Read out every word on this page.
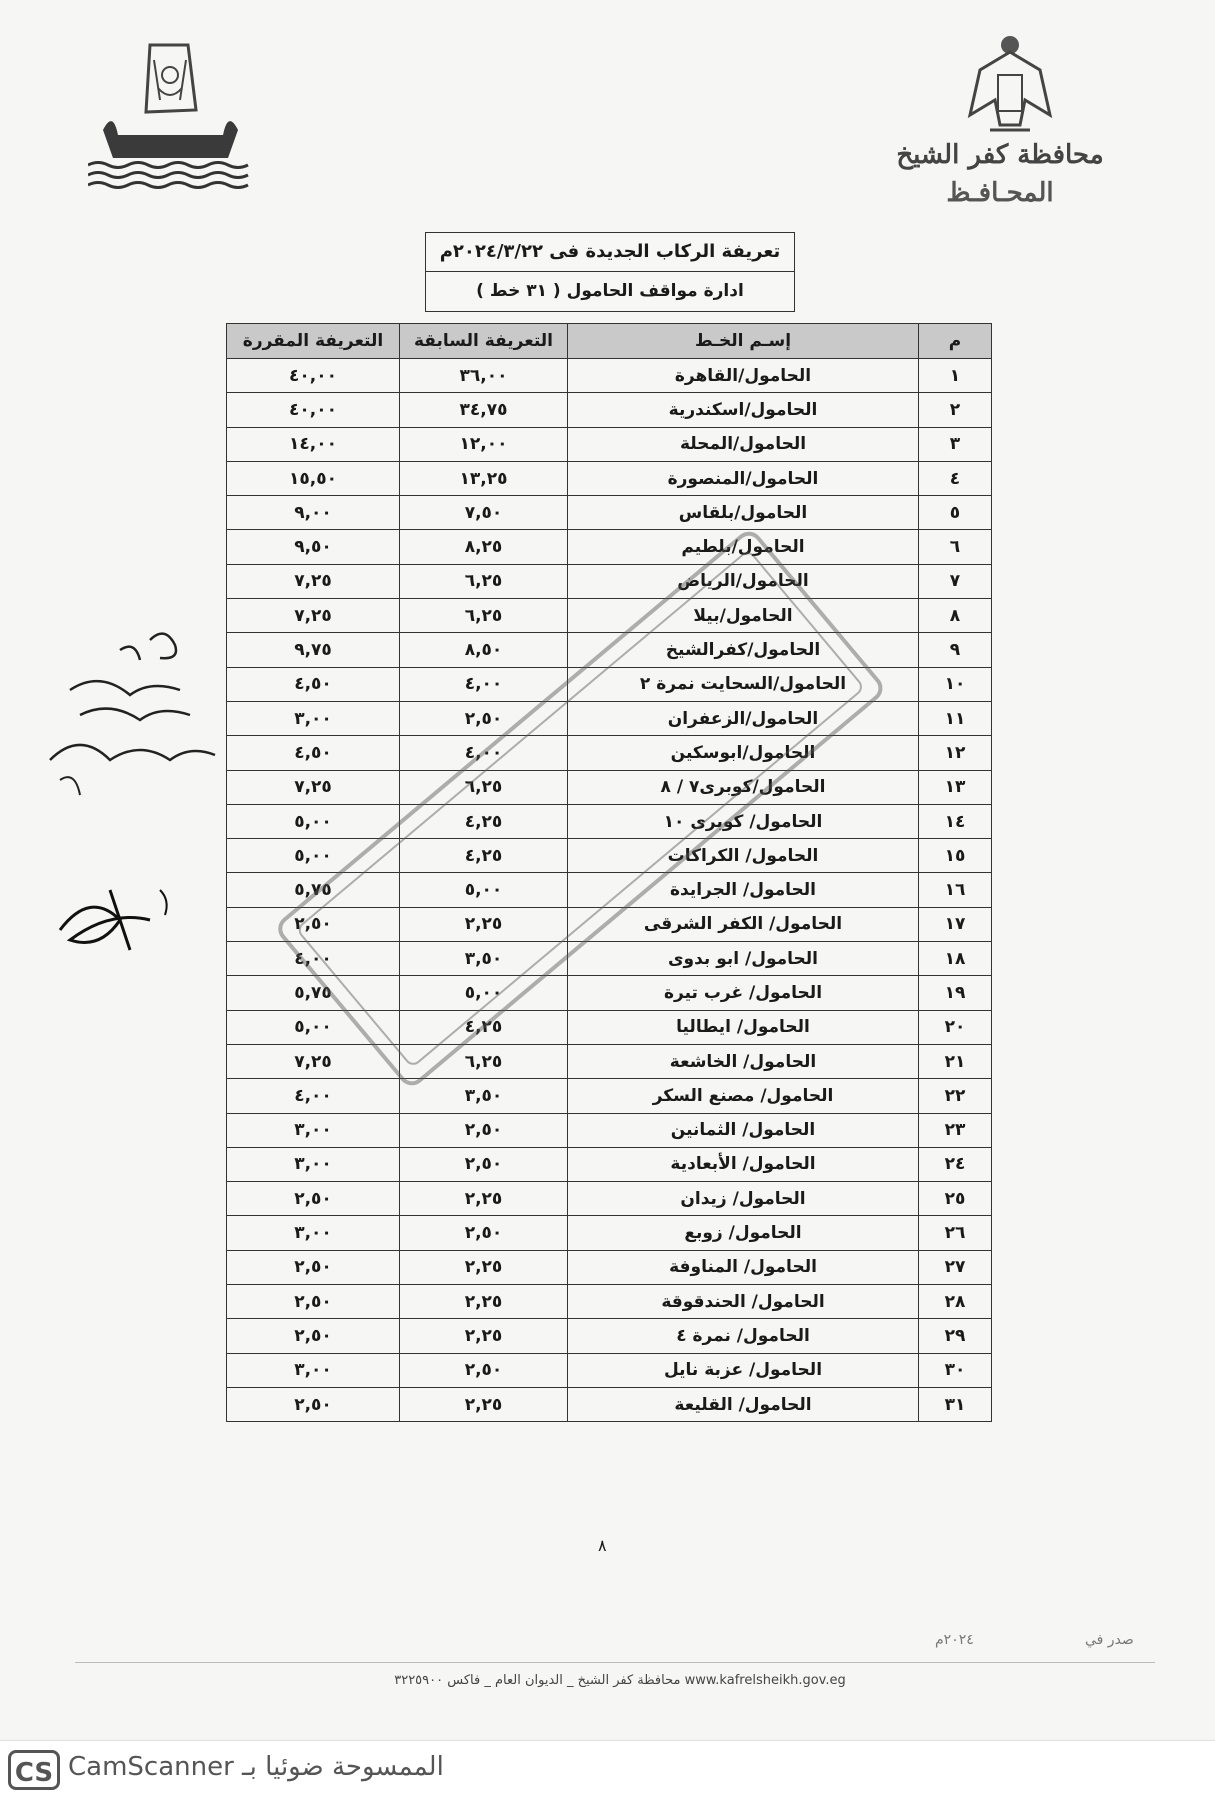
محافظة كفر الشيخ
المحـافـظ
تعريفة الركاب الجديدة فى ٢٠٢٤/٣/٢٢م
ادارة مواقف الحامول ( ٣١ خط )
م	إسـم الخـط	التعريفة السابقة	التعريفة المقررة
١	الحامول/القاهرة	٣٦,٠٠	٤٠,٠٠
٢	الحامول/اسكندرية	٣٤,٧٥	٤٠,٠٠
٣	الحامول/المحلة	١٢,٠٠	١٤,٠٠
٤	الحامول/المنصورة	١٣,٢٥	١٥,٥٠
٥	الحامول/بلقاس	٧,٥٠	٩,٠٠
٦	الحامول/بلطيم	٨,٢٥	٩,٥٠
٧	الحامول/الرياض	٦,٢٥	٧,٢٥
٨	الحامول/بيلا	٦,٢٥	٧,٢٥
٩	الحامول/كفرالشيخ	٨,٥٠	٩,٧٥
١٠	الحامول/السحايت نمرة ٢	٤,٠٠	٤,٥٠
١١	الحامول/الزعفران	٢,٥٠	٣,٠٠
١٢	الحامول/ابوسكين	٤,٠٠	٤,٥٠
١٣	الحامول/كوبرى٧ / ٨	٦,٢٥	٧,٢٥
١٤	الحامول/ كوبرى ١٠	٤,٢٥	٥,٠٠
١٥	الحامول/ الكراكات	٤,٢٥	٥,٠٠
١٦	الحامول/ الجرايدة	٥,٠٠	٥,٧٥
١٧	الحامول/ الكفر الشرقى	٢,٢٥	٢,٥٠
١٨	الحامول/ ابو بدوى	٣,٥٠	٤,٠٠
١٩	الحامول/ غرب تيرة	٥,٠٠	٥,٧٥
٢٠	الحامول/ ايطاليا	٤,٢٥	٥,٠٠
٢١	الحامول/ الخاشعة	٦,٢٥	٧,٢٥
٢٢	الحامول/ مصنع السكر	٣,٥٠	٤,٠٠
٢٣	الحامول/ الثمانين	٢,٥٠	٣,٠٠
٢٤	الحامول/ الأبعادية	٢,٥٠	٣,٠٠
٢٥	الحامول/ زيدان	٢,٢٥	٢,٥٠
٢٦	الحامول/ زوبع	٢,٥٠	٣,٠٠
٢٧	الحامول/ المناوفة	٢,٢٥	٢,٥٠
٢٨	الحامول/ الحندقوقة	٢,٢٥	٢,٥٠
٢٩	الحامول/ نمرة ٤	٢,٢٥	٢,٥٠
٣٠	الحامول/ عزبة نايل	٢,٥٠	٣,٠٠
٣١	الحامول/ القليعة	٢,٢٥	٢,٥٠
٨
صدر في
٢٠٢٤م
www.kafrelsheikh.gov.eg محافظة كفر الشيخ _ الديوان العام _ فاكس ٣٢٢٥٩٠٠
CS الممسوحة ضوئيا بـ CamScanner
